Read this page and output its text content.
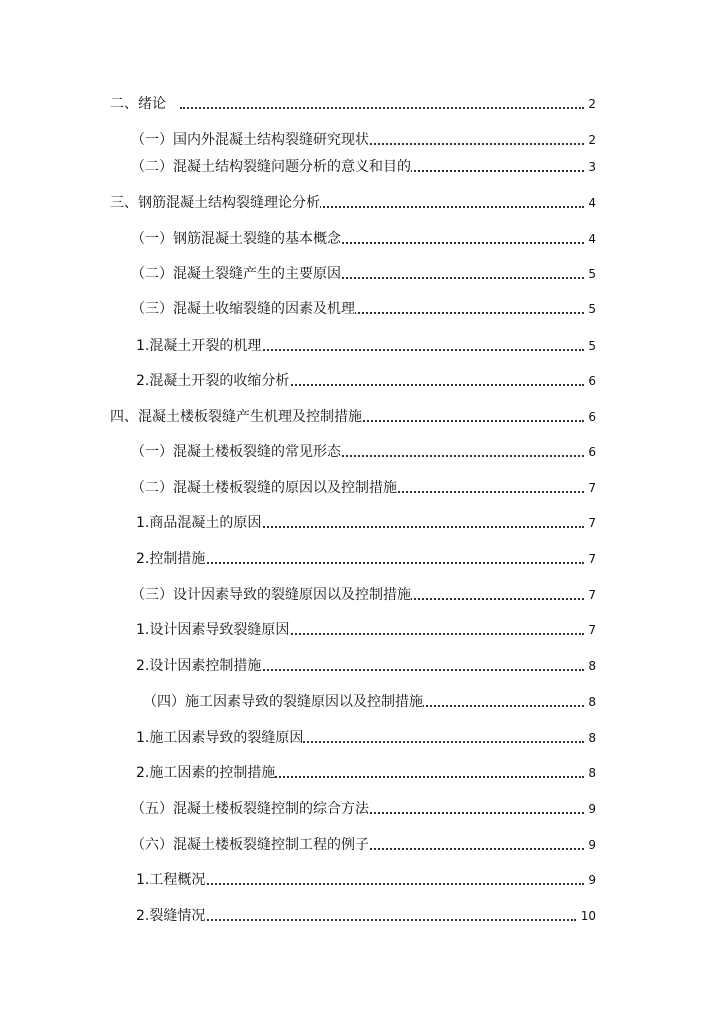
二、绪论	2
（一）国内外混凝土结构裂缝研究现状	2
（二）混凝土结构裂缝问题分析的意义和目的	3
三、钢筋混凝土结构裂缝理论分析	4
（一）钢筋混凝土裂缝的基本概念	4
（二）混凝土裂缝产生的主要原因	5
（三）混凝土收缩裂缝的因素及机理	5
1.混凝土开裂的机理	5
2.混凝土开裂的收缩分析	6
四、混凝土楼板裂缝产生机理及控制措施	6
（一）混凝土楼板裂缝的常见形态	6
（二）混凝土楼板裂缝的原因以及控制措施	7
1.商品混凝土的原因	7
2.控制措施	7
（三）设计因素导致的裂缝原因以及控制措施	7
1.设计因素导致裂缝原因	7
2.设计因素控制措施	8
（四）施工因素导致的裂缝原因以及控制措施	8
1.施工因素导致的裂缝原因	8
2.施工因素的控制措施	8
（五）混凝土楼板裂缝控制的综合方法	9
（六）混凝土楼板裂缝控制工程的例子	9
1.工程概况	9
2.裂缝情况	10
